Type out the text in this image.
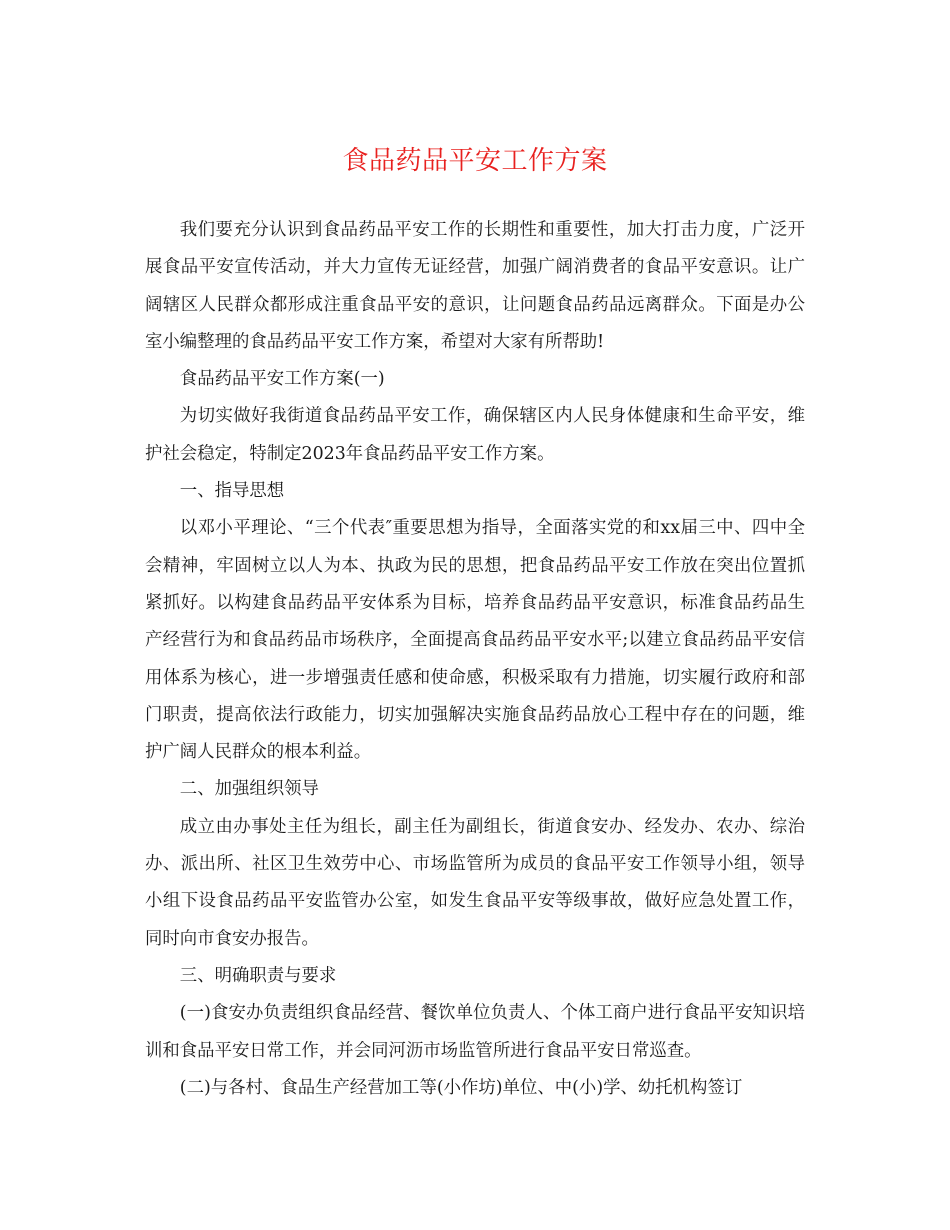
食品药品平安工作方案

我们要充分认识到食品药品平安工作的长期性和重要性，加大打击力度，广泛开展食品平安宣传活动，并大力宣传无证经营，加强广阔消费者的食品平安意识。让广阔辖区人民群众都形成注重食品平安的意识，让问题食品药品远离群众。下面是办公室小编整理的食品药品平安工作方案，希望对大家有所帮助!

食品药品平安工作方案(一)

为切实做好我街道食品药品平安工作，确保辖区内人民身体健康和生命平安，维护社会稳定，特制定2023年食品药品平安工作方案。

一、指导思想

以邓小平理论、“三个代表″重要思想为指导，全面落实党的和xx届三中、四中全会精神，牢固树立以人为本、执政为民的思想，把食品药品平安工作放在突出位置抓紧抓好。以构建食品药品平安体系为目标，培养食品药品平安意识，标准食品药品生产经营行为和食品药品市场秩序，全面提高食品药品平安水平;以建立食品药品平安信用体系为核心，进一步增强责任感和使命感，积极采取有力措施，切实履行政府和部门职责，提高依法行政能力，切实加强解决实施食品药品放心工程中存在的问题，维护广阔人民群众的根本利益。

二、加强组织领导

成立由办事处主任为组长，副主任为副组长，街道食安办、经发办、农办、综治办、派出所、社区卫生效劳中心、市场监管所为成员的食品平安工作领导小组，领导小组下设食品药品平安监管办公室，如发生食品平安等级事故，做好应急处置工作，同时向市食安办报告。

三、明确职责与要求

(一)食安办负责组织食品经营、餐饮单位负责人、个体工商户进行食品平安知识培训和食品平安日常工作，并会同河沥市场监管所进行食品平安日常巡查。

(二)与各村、食品生产经营加工等(小作坊)单位、中(小)学、幼托机构签订
